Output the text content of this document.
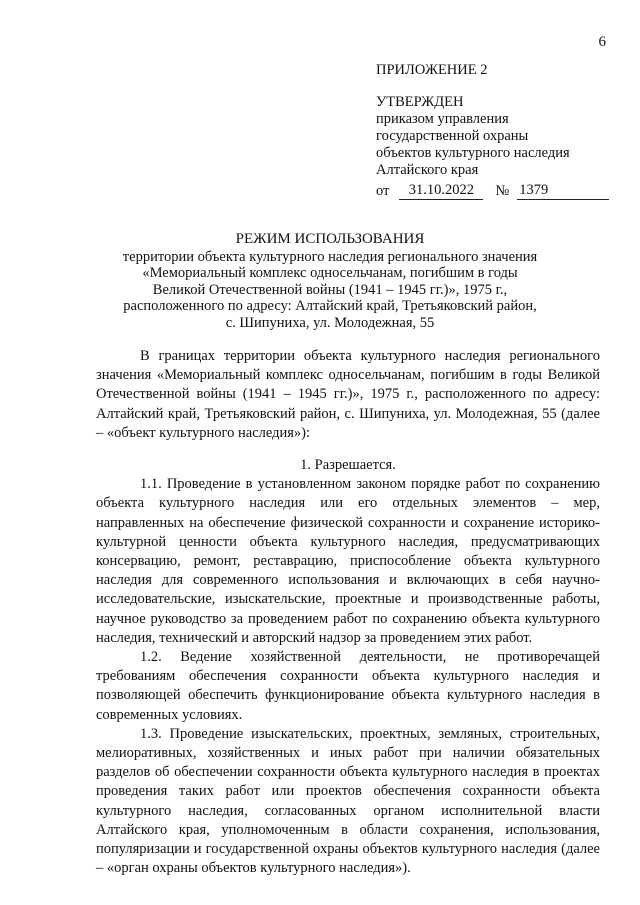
6
ПРИЛОЖЕНИЕ 2
УТВЕРЖДЕН
приказом управления
государственной охраны
объектов культурного наследия
Алтайского края
от	31.10.2022	№ 1379
РЕЖИМ ИСПОЛЬЗОВАНИЯ
территории объекта культурного наследия регионального значения
«Мемориальный комплекс односельчанам, погибшим в годы
Великой Отечественной войны (1941 – 1945 гг.)», 1975 г.,
расположенного по адресу: Алтайский край, Третьяковский район,
с. Шипуниха, ул. Молодежная, 55

В границах территории объекта культурного наследия регионального значения «Мемориальный комплекс односельчанам, погибшим в годы Великой Отечественной войны (1941 – 1945 гг.)», 1975 г., расположенного по адресу: Алтайский край, Третьяковский район, с. Шипуниха, ул. Молодежная, 55 (далее – «объект культурного наследия»):

1. Разрешается.

1.1. Проведение в установленном законом порядке работ по сохранению объекта культурного наследия или его отдельных элементов – мер, направленных на обеспечение физической сохранности и сохранение историко-культурной ценности объекта культурного наследия, предусматривающих консервацию, ремонт, реставрацию, приспособление объекта культурного наследия для современного использования и включающих в себя научно-исследовательские, изыскательские, проектные и производственные работы, научное руководство за проведением работ по сохранению объекта культурного наследия, технический и авторский надзор за проведением этих работ.

1.2. Ведение хозяйственной деятельности, не противоречащей требованиям обеспечения сохранности объекта культурного наследия и позволяющей обеспечить функционирование объекта культурного наследия в современных условиях.

1.3. Проведение изыскательских, проектных, земляных, строительных, мелиоративных, хозяйственных и иных работ при наличии обязательных разделов об обеспечении сохранности объекта культурного наследия в проектах проведения таких работ или проектов обеспечения сохранности объекта культурного наследия, согласованных органом исполнительной власти Алтайского края, уполномоченным в области сохранения, использования, популяризации и государственной охраны объектов культурного наследия (далее – «орган охраны объектов культурного наследия»).
